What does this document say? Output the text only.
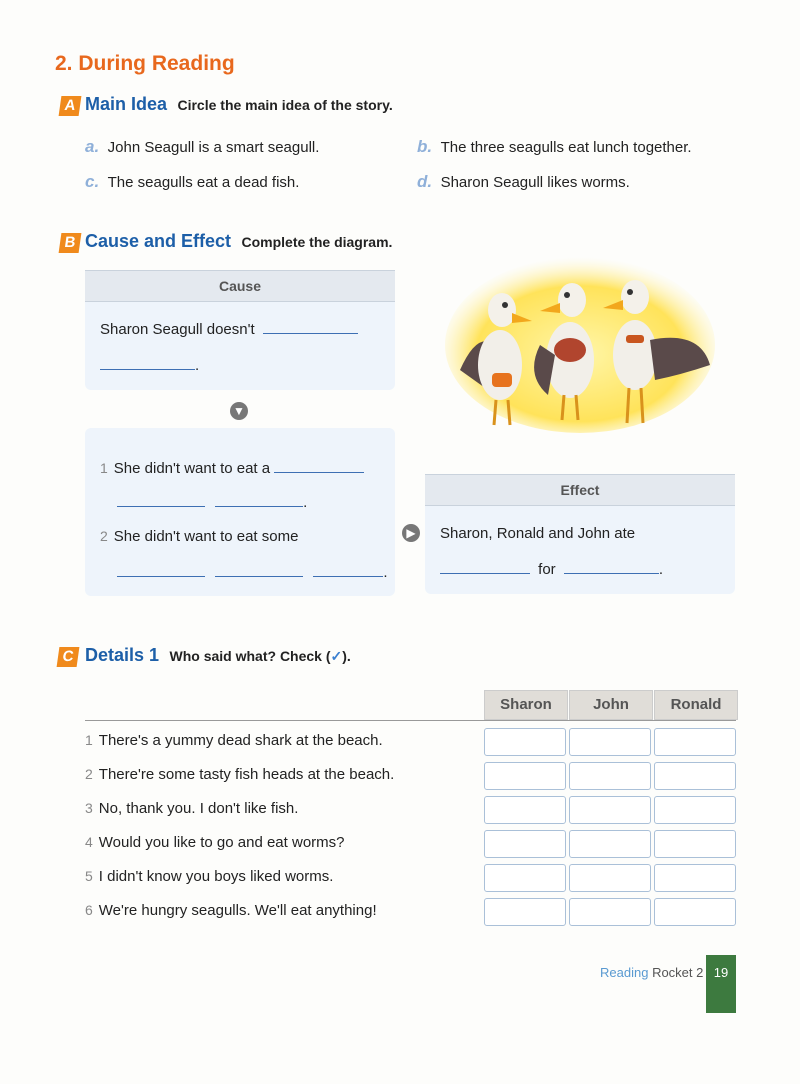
2. During Reading
A Main Idea Circle the main idea of the story.
a. John Seagull is a smart seagull.	b. The three seagulls eat lunch together.
c. The seagulls eat a dead fish.	d. Sharon Seagull likes worms.
B Cause and Effect Complete the diagram.
Cause
Sharon Seagull doesn't
.
▼
1 She didn't want to eat a
.
2 She didn't want to eat some
.
▶
Effect
Sharon, Ronald and John ate
for	.
C Details 1 Who said what? Check (✓).
Sharon	John	Ronald
1 There's a yummy dead shark at the beach.
2 There're some tasty fish heads at the beach.
3 No, thank you. I don't like fish.
4 Would you like to go and eat worms?
5 I didn't know you boys liked worms.
6 We're hungry seagulls. We'll eat anything!
Reading Rocket 2 19
